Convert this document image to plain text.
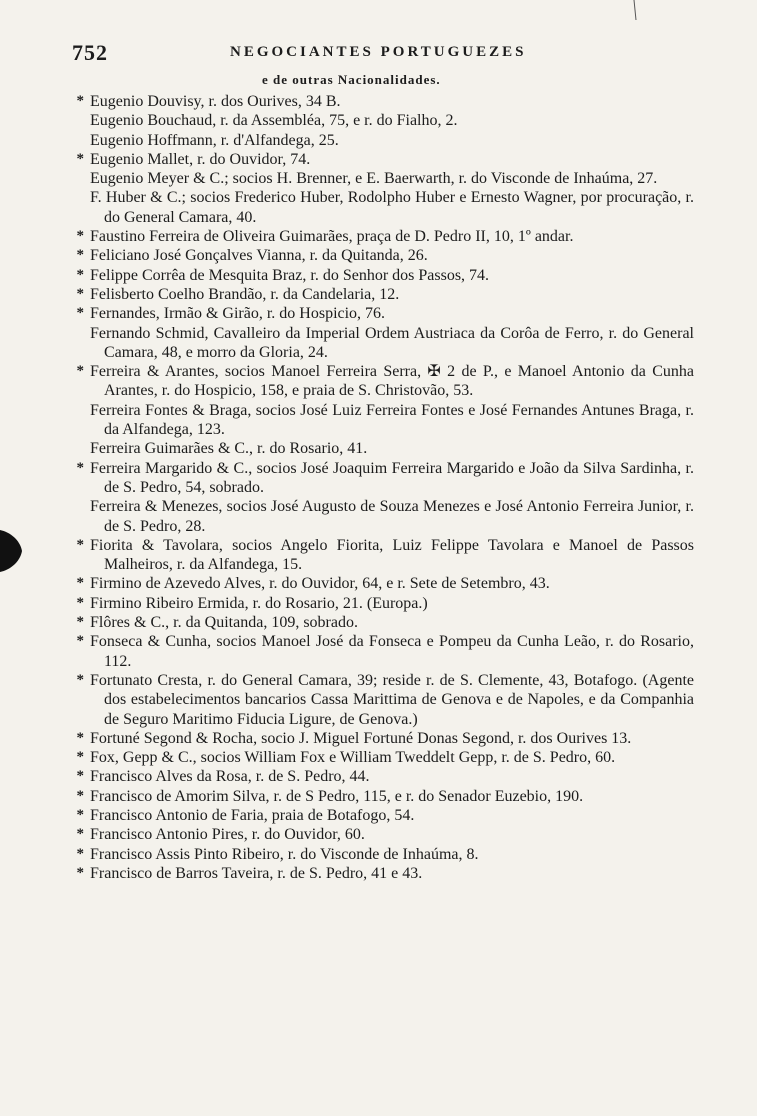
752	NEGOCIANTES PORTUGUEZES
e de outras Nacionalidades.
* Eugenio Douvisy, r. dos Ourives, 34 B.
Eugenio Bouchaud, r. da Assembléa, 75, e r. do Fialho, 2.
Eugenio Hoffmann, r. d'Alfandega, 25.
* Eugenio Mallet, r. do Ouvidor, 74.
Eugenio Meyer & C.; socios H. Brenner, e E. Baerwarth, r. do Visconde de Inhaúma, 27.
F. Huber & C.; socios Frederico Huber, Rodolpho Huber e Ernesto Wagner, por procuração, r. do General Camara, 40.
* Faustino Ferreira de Oliveira Guimarães, praça de D. Pedro II, 10, 1º andar.
* Feliciano José Gonçalves Vianna, r. da Quitanda, 26.
* Felippe Corrêa de Mesquita Braz, r. do Senhor dos Passos, 74.
* Felisberto Coelho Brandão, r. da Candelaria, 12.
* Fernandes, Irmão & Girão, r. do Hospicio, 76.
Fernando Schmid, Cavalleiro da Imperial Ordem Austriaca da Corôa de Ferro, r. do General Camara, 48, e morro da Gloria, 24.
* Ferreira & Arantes, socios Manoel Ferreira Serra, ✠ 2 de P., e Manoel Antonio da Cunha Arantes, r. do Hospicio, 158, e praia de S. Christovão, 53.
Ferreira Fontes & Braga, socios José Luiz Ferreira Fontes e José Fernandes Antunes Braga, r. da Alfandega, 123.
Ferreira Guimarães & C., r. do Rosario, 41.
* Ferreira Margarido & C., socios José Joaquim Ferreira Margarido e João da Silva Sardinha, r. de S. Pedro, 54, sobrado.
Ferreira & Menezes, socios José Augusto de Souza Menezes e José Antonio Ferreira Junior, r. de S. Pedro, 28.
* Fiorita & Tavolara, socios Angelo Fiorita, Luiz Felippe Tavolara e Manoel de Passos Malheiros, r. da Alfandega, 15.
* Firmino de Azevedo Alves, r. do Ouvidor, 64, e r. Sete de Setembro, 43.
* Firmino Ribeiro Ermida, r. do Rosario, 21. (Europa.)
* Flôres & C., r. da Quitanda, 109, sobrado.
* Fonseca & Cunha, socios Manoel José da Fonseca e Pompeu da Cunha Leão, r. do Rosario, 112.
* Fortunato Cresta, r. do General Camara, 39; reside r. de S. Clemente, 43, Botafogo. (Agente dos estabelecimentos bancarios Cassa Marittima de Genova e de Napoles, e da Companhia de Seguro Maritimo Fiducia Ligure, de Genova.)
* Fortuné Segond & Rocha, socio J. Miguel Fortuné Donas Segond, r. dos Ourives 13.
* Fox, Gepp & C., socios William Fox e William Tweddelt Gepp, r. de S. Pedro, 60.
* Francisco Alves da Rosa, r. de S. Pedro, 44.
* Francisco de Amorim Silva, r. de S Pedro, 115, e r. do Senador Euzebio, 190.
* Francisco Antonio de Faria, praia de Botafogo, 54.
* Francisco Antonio Pires, r. do Ouvidor, 60.
* Francisco Assis Pinto Ribeiro, r. do Visconde de Inhaúma, 8.
* Francisco de Barros Taveira, r. de S. Pedro, 41 e 43.
